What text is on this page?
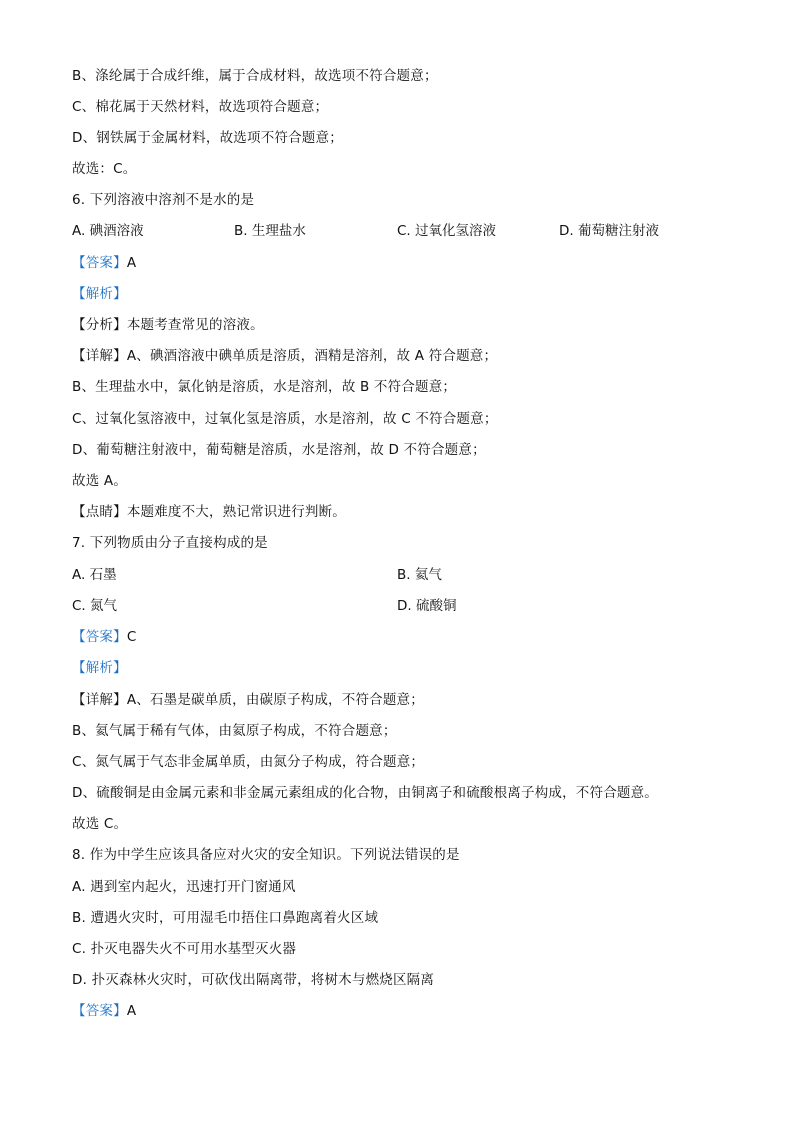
B、涤纶属于合成纤维，属于合成材料，故选项不符合题意；
C、棉花属于天然材料，故选项符合题意；
D、钢铁属于金属材料，故选项不符合题意；
故选：C。
6. 下列溶液中溶剂不是水的是
A. 碘酒溶液	B. 生理盐水	C. 过氧化氢溶液	D. 葡萄糖注射液
【答案】A
【解析】
【分析】本题考查常见的溶液。
【详解】A、碘酒溶液中碘单质是溶质，酒精是溶剂，故 A 符合题意；
B、生理盐水中，氯化钠是溶质，水是溶剂，故 B 不符合题意；
C、过氧化氢溶液中，过氧化氢是溶质，水是溶剂，故 C 不符合题意；
D、葡萄糖注射液中，葡萄糖是溶质，水是溶剂，故 D 不符合题意；
故选 A。
【点睛】本题难度不大，熟记常识进行判断。
7. 下列物质由分子直接构成的是
A. 石墨	B. 氦气
C. 氮气	D. 硫酸铜
【答案】C
【解析】
【详解】A、石墨是碳单质，由碳原子构成，不符合题意；
B、氦气属于稀有气体，由氦原子构成，不符合题意；
C、氮气属于气态非金属单质，由氮分子构成，符合题意；
D、硫酸铜是由金属元素和非金属元素组成的化合物，由铜离子和硫酸根离子构成，不符合题意。
故选 C。
8. 作为中学生应该具备应对火灾的安全知识。下列说法错误的是
A. 遇到室内起火，迅速打开门窗通风
B. 遭遇火灾时，可用湿毛巾捂住口鼻跑离着火区域
C. 扑灭电器失火不可用水基型灭火器
D. 扑灭森林火灾时，可砍伐出隔离带，将树木与燃烧区隔离
【答案】A
